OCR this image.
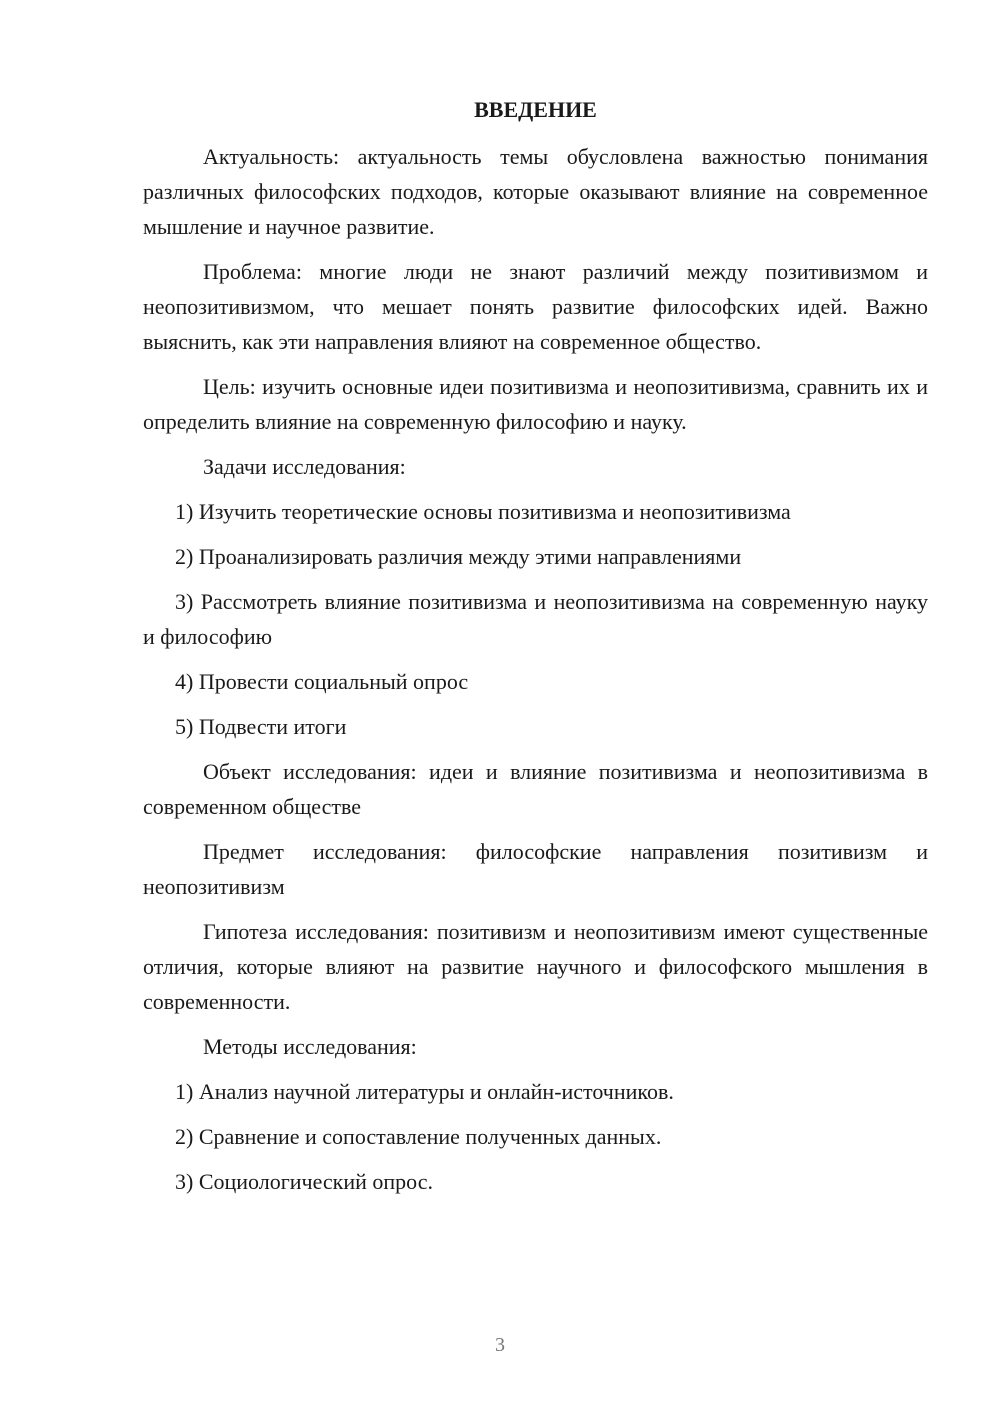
ВВЕДЕНИЕ

Актуальность: актуальность темы обусловлена важностью понимания различных философских подходов, которые оказывают влияние на современное мышление и научное развитие.

Проблема: многие люди не знают различий между позитивизмом и неопозитивизмом, что мешает понять развитие философских идей. Важно выяснить, как эти направления влияют на современное общество.

Цель: изучить основные идеи позитивизма и неопозитивизма, сравнить их и определить влияние на современную философию и науку.

Задачи исследования:

1) Изучить теоретические основы позитивизма и неопозитивизма

2) Проанализировать различия между этими направлениями

3) Рассмотреть влияние позитивизма и неопозитивизма на современную науку и философию

4) Провести социальный опрос

5) Подвести итоги

Объект исследования: идеи и влияние позитивизма и неопозитивизма в современном обществе

Предмет исследования: философские направления позитивизм и неопозитивизм

Гипотеза исследования: позитивизм и неопозитивизм имеют существенные отличия, которые влияют на развитие научного и философского мышления в современности.

Методы исследования:

1) Анализ научной литературы и онлайн-источников.

2) Сравнение и сопоставление полученных данных.

3) Социологический опрос.

3
